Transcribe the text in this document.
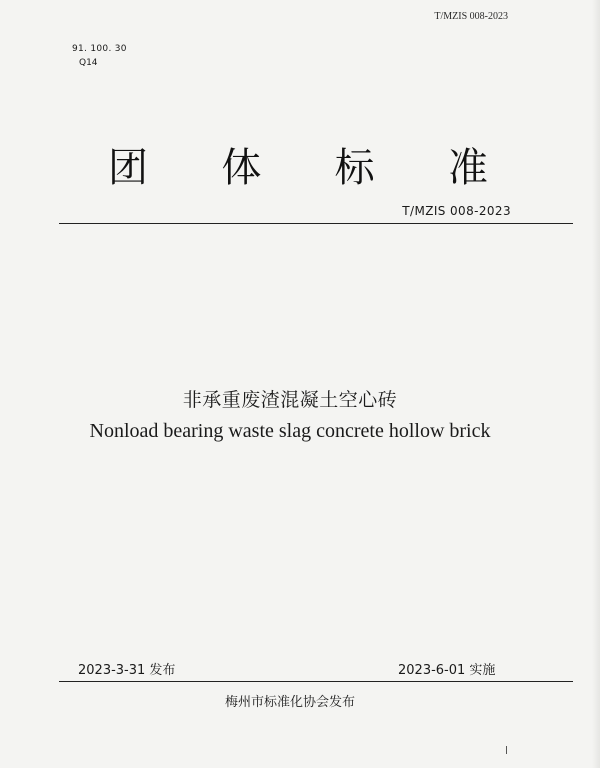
T/MZIS 008-2023
91. 100. 30
Q14
团 体 标 准
T/MZIS 008-2023
非承重废渣混凝土空心砖
Nonload bearing waste slag concrete hollow brick
2023-3-31 发布	2023-6-01 实施
梅州市标准化协会发布
